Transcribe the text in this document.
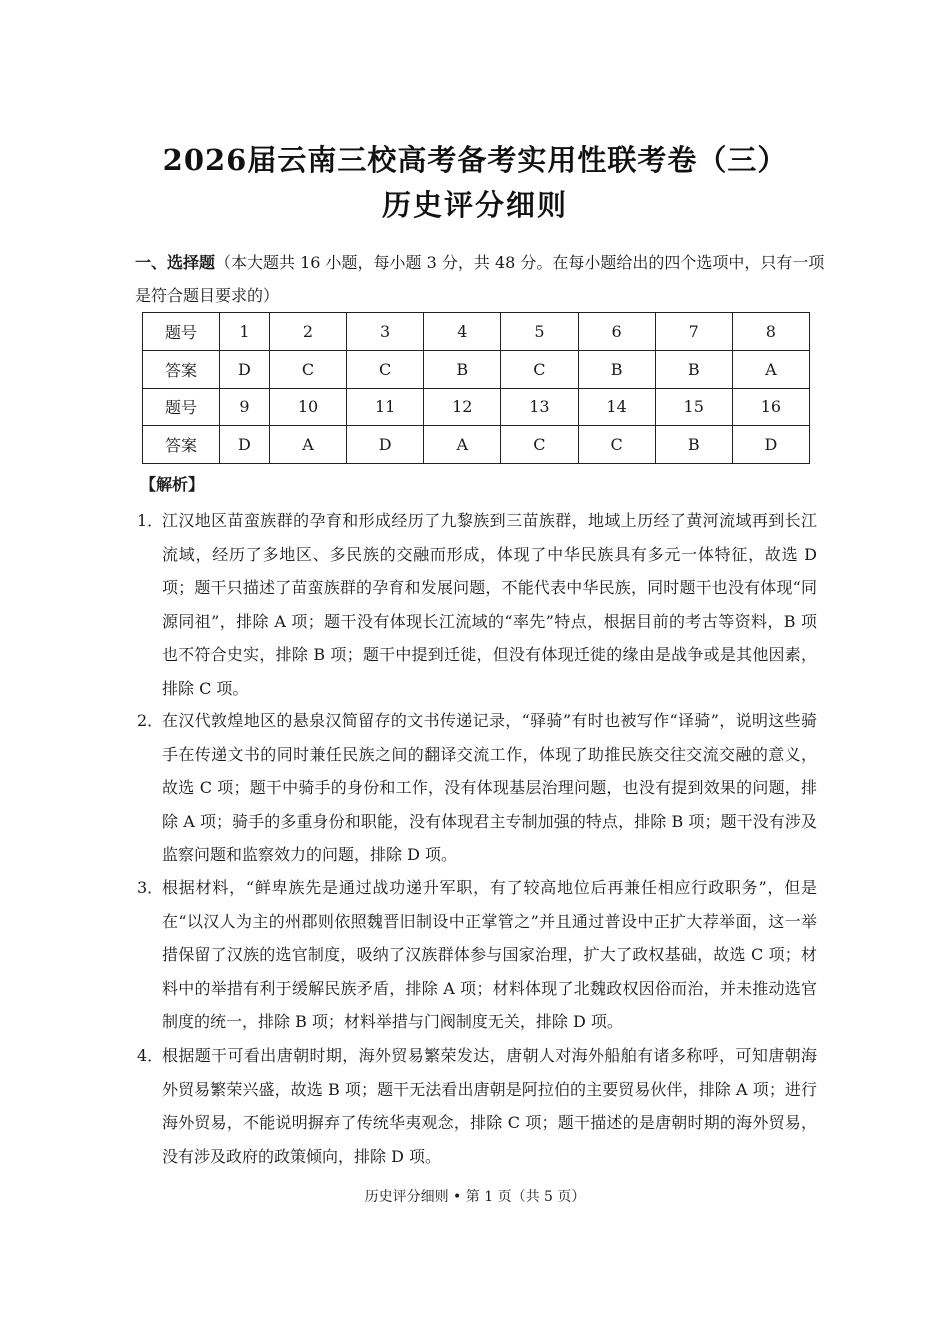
2026届云南三校高考备考实用性联考卷（三）
历史评分细则
一、选择题（本大题共 16 小题，每小题 3 分，共 48 分。在每小题给出的四个选项中，只有一项是符合题目要求的）
题号	1	2	3	4	5	6	7	8
答案	D	C	C	B	C	B	B	A
题号	9	10	11	12	13	14	15	16
答案	D	A	D	A	C	C	B	D
【解析】
1．
江汉地区苗蛮族群的孕育和形成经历了九黎族到三苗族群，地域上历经了黄河流域再到长江流域，经历了多地区、多民族的交融而形成，体现了中华民族具有多元一体特征，故选 D 项；题干只描述了苗蛮族群的孕育和发展问题，不能代表中华民族，同时题干也没有体现“同源同祖”，排除 A 项；题干没有体现长江流域的“率先”特点，根据目前的考古等资料，B 项也不符合史实，排除 B 项；题干中提到迁徙，但没有体现迁徙的缘由是战争或是其他因素，排除 C 项。
2．
在汉代敦煌地区的悬泉汉简留存的文书传递记录，“驿骑”有时也被写作“译骑”，说明这些骑手在传递文书的同时兼任民族之间的翻译交流工作，体现了助推民族交往交流交融的意义，故选 C 项；题干中骑手的身份和工作，没有体现基层治理问题，也没有提到效果的问题，排除 A 项；骑手的多重身份和职能，没有体现君主专制加强的特点，排除 B 项；题干没有涉及监察问题和监察效力的问题，排除 D 项。
3．
根据材料，“鲜卑族先是通过战功递升军职，有了较高地位后再兼任相应行政职务”，但是在“以汉人为主的州郡则依照魏晋旧制设中正掌管之”并且通过普设中正扩大荐举面，这一举措保留了汉族的选官制度，吸纳了汉族群体参与国家治理，扩大了政权基础，故选 C 项；材料中的举措有利于缓解民族矛盾，排除 A 项；材料体现了北魏政权因俗而治，并未推动选官制度的统一，排除 B 项；材料举措与门阀制度无关，排除 D 项。
4．
根据题干可看出唐朝时期，海外贸易繁荣发达，唐朝人对海外船舶有诸多称呼，可知唐朝海外贸易繁荣兴盛，故选 B 项；题干无法看出唐朝是阿拉伯的主要贸易伙伴，排除 A 项；进行海外贸易，不能说明摒弃了传统华夷观念，排除 C 项；题干描述的是唐朝时期的海外贸易，没有涉及政府的政策倾向，排除 D 项。
历史评分细则 • 第 1 页（共 5 页）
